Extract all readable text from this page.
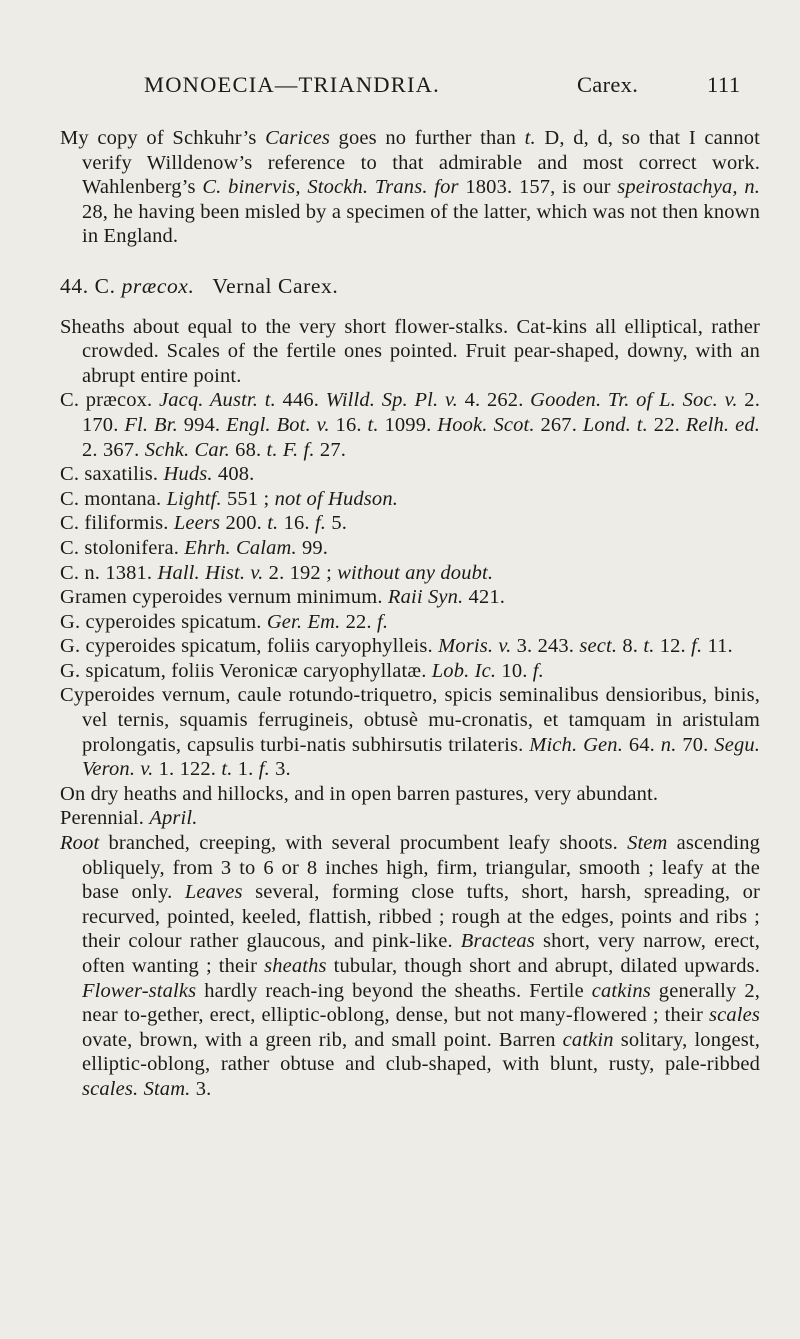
MONOECIA—TRIANDRIA.	Carex.	111

My copy of Schkuhr’s Carices goes no further than t. D, d, d, so that I cannot verify Willdenow’s reference to that admirable and most correct work. Wahlenberg’s C. binervis, Stockh. Trans. for 1803. 157, is our speirostachya, n. 28, he having been misled by a specimen of the latter, which was not then known in England.

44. C. præcox. Vernal Carex.

Sheaths about equal to the very short flower-stalks. Cat-kins all elliptical, rather crowded. Scales of the fertile ones pointed. Fruit pear-shaped, downy, with an abrupt entire point.

C. præcox. Jacq. Austr. t. 446. Willd. Sp. Pl. v. 4. 262. Gooden. Tr. of L. Soc. v. 2. 170. Fl. Br. 994. Engl. Bot. v. 16. t. 1099. Hook. Scot. 267. Lond. t. 22. Relh. ed. 2. 367. Schk. Car. 68. t. F. f. 27.

C. saxatilis. Huds. 408.

C. montana. Lightf. 551 ; not of Hudson.

C. filiformis. Leers 200. t. 16. f. 5.

C. stolonifera. Ehrh. Calam. 99.

C. n. 1381. Hall. Hist. v. 2. 192 ; without any doubt.

Gramen cyperoides vernum minimum. Raii Syn. 421.

G. cyperoides spicatum. Ger. Em. 22. f.

G. cyperoides spicatum, foliis caryophylleis. Moris. v. 3. 243. sect. 8. t. 12. f. 11.

G. spicatum, foliis Veronicæ caryophyllatæ. Lob. Ic. 10. f.

Cyperoides vernum, caule rotundo-triquetro, spicis seminalibus densioribus, binis, vel ternis, squamis ferrugineis, obtusè mu-cronatis, et tamquam in aristulam prolongatis, capsulis turbi-natis subhirsutis trilateris. Mich. Gen. 64. n. 70. Segu. Veron. v. 1. 122. t. 1. f. 3.

On dry heaths and hillocks, and in open barren pastures, very abundant.

Perennial. April.

Root branched, creeping, with several procumbent leafy shoots. Stem ascending obliquely, from 3 to 6 or 8 inches high, firm, triangular, smooth ; leafy at the base only. Leaves several, forming close tufts, short, harsh, spreading, or recurved, pointed, keeled, flattish, ribbed ; rough at the edges, points and ribs ; their colour rather glaucous, and pink-like. Bracteas short, very narrow, erect, often wanting ; their sheaths tubular, though short and abrupt, dilated upwards. Flower-stalks hardly reach-ing beyond the sheaths. Fertile catkins generally 2, near to-gether, erect, elliptic-oblong, dense, but not many-flowered ; their scales ovate, brown, with a green rib, and small point. Barren catkin solitary, longest, elliptic-oblong, rather obtuse and club-shaped, with blunt, rusty, pale-ribbed scales. Stam. 3.
